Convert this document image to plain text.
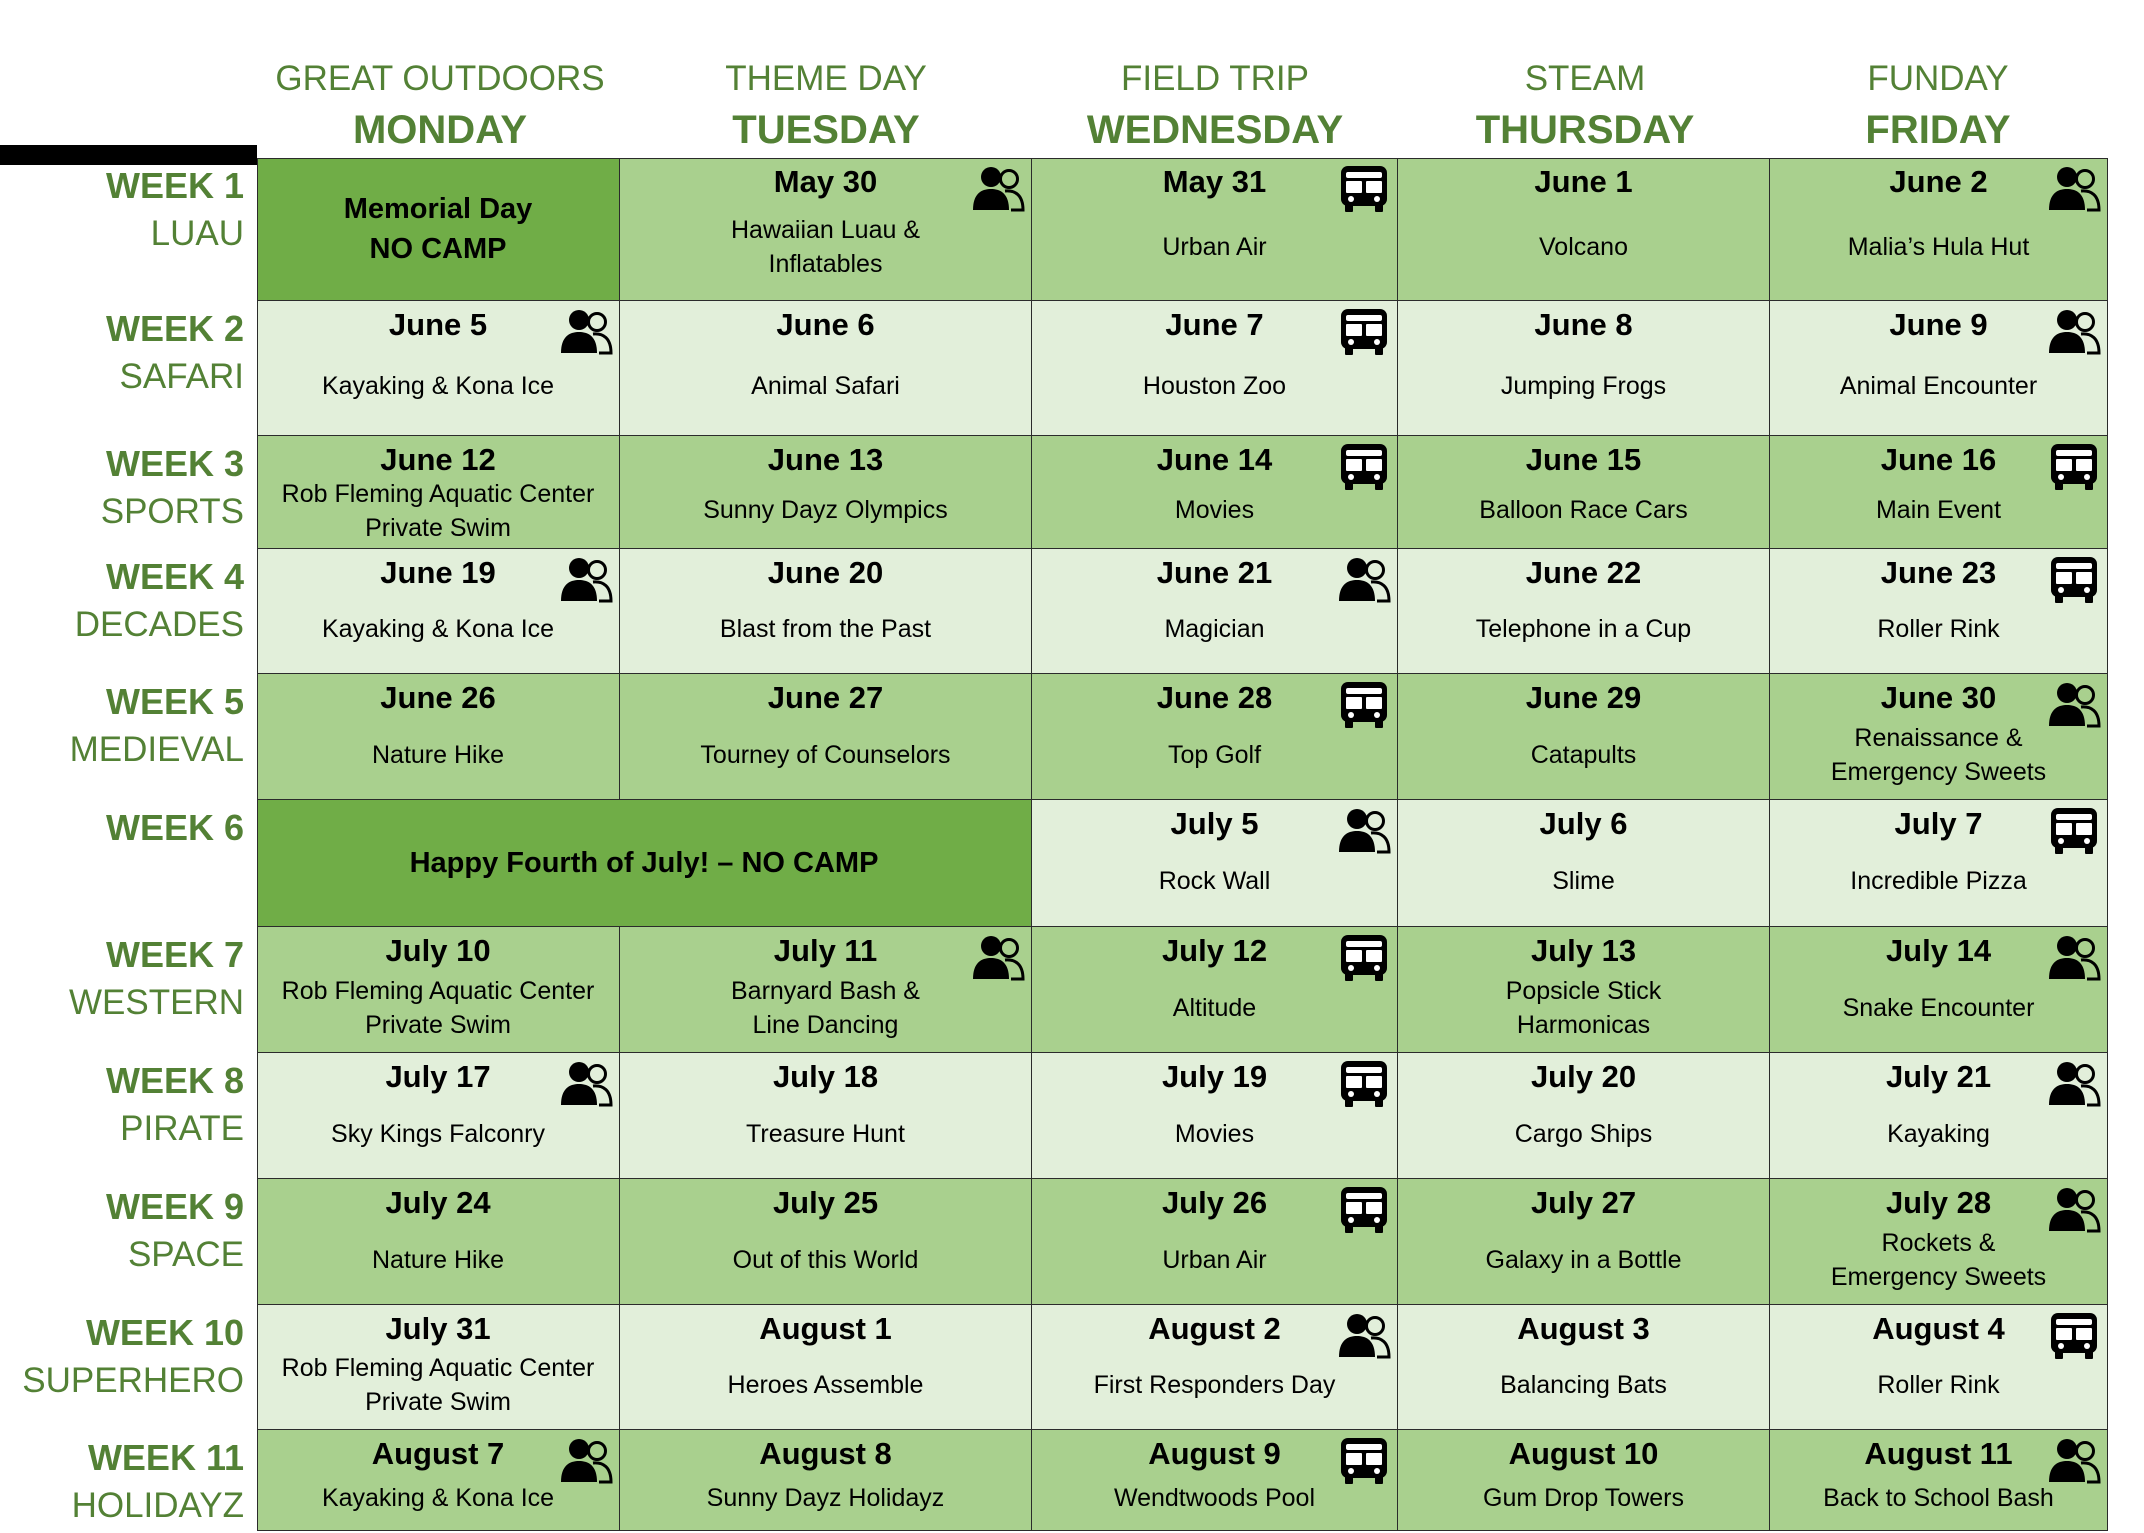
GREAT OUTDOORS
MONDAY
THEME DAY
TUESDAY
FIELD TRIP
WEDNESDAY
STEAM
THURSDAY
FUNDAY
FRIDAY
WEEK 1
LUAU
WEEK 2
SAFARI
WEEK 3
SPORTS
WEEK 4
DECADES
WEEK 5
MEDIEVAL
WEEK 6
WEEK 7
WESTERN
WEEK 8
PIRATE
WEEK 9
SPACE
WEEK 10
SUPERHERO
WEEK 11
HOLIDAYZ
Memorial Day
NO CAMP
May 30
Hawaiian Luau &
Inflatables
May 31
Urban Air
June 1
Volcano
June 2
Malia’s Hula Hut
June 5
Kayaking & Kona Ice
June 6
Animal Safari
June 7
Houston Zoo
June 8
Jumping Frogs
June 9
Animal Encounter
June 12
Rob Fleming Aquatic Center
Private Swim
June 13
Sunny Dayz Olympics
June 14
Movies
June 15
Balloon Race Cars
June 16
Main Event
June 19
Kayaking & Kona Ice
June 20
Blast from the Past
June 21
Magician
June 22
Telephone in a Cup
June 23
Roller Rink
June 26
Nature Hike
June 27
Tourney of Counselors
June 28
Top Golf
June 29
Catapults
June 30
Renaissance &
Emergency Sweets
Happy Fourth of July! – NO CAMP
July 5
Rock Wall
July 6
Slime
July 7
Incredible Pizza
July 10
Rob Fleming Aquatic Center
Private Swim
July 11
Barnyard Bash &
Line Dancing
July 12
Altitude
July 13
Popsicle Stick
Harmonicas
July 14
Snake Encounter
July 17
Sky Kings Falconry
July 18
Treasure Hunt
July 19
Movies
July 20
Cargo Ships
July 21
Kayaking
July 24
Nature Hike
July 25
Out of this World
July 26
Urban Air
July 27
Galaxy in a Bottle
July 28
Rockets &
Emergency Sweets
July 31
Rob Fleming Aquatic Center
Private Swim
August 1
Heroes Assemble
August 2
First Responders Day
August 3
Balancing Bats
August 4
Roller Rink
August 7
Kayaking & Kona Ice
August 8
Sunny Dayz Holidayz
August 9
Wendtwoods Pool
August 10
Gum Drop Towers
August 11
Back to School Bash
